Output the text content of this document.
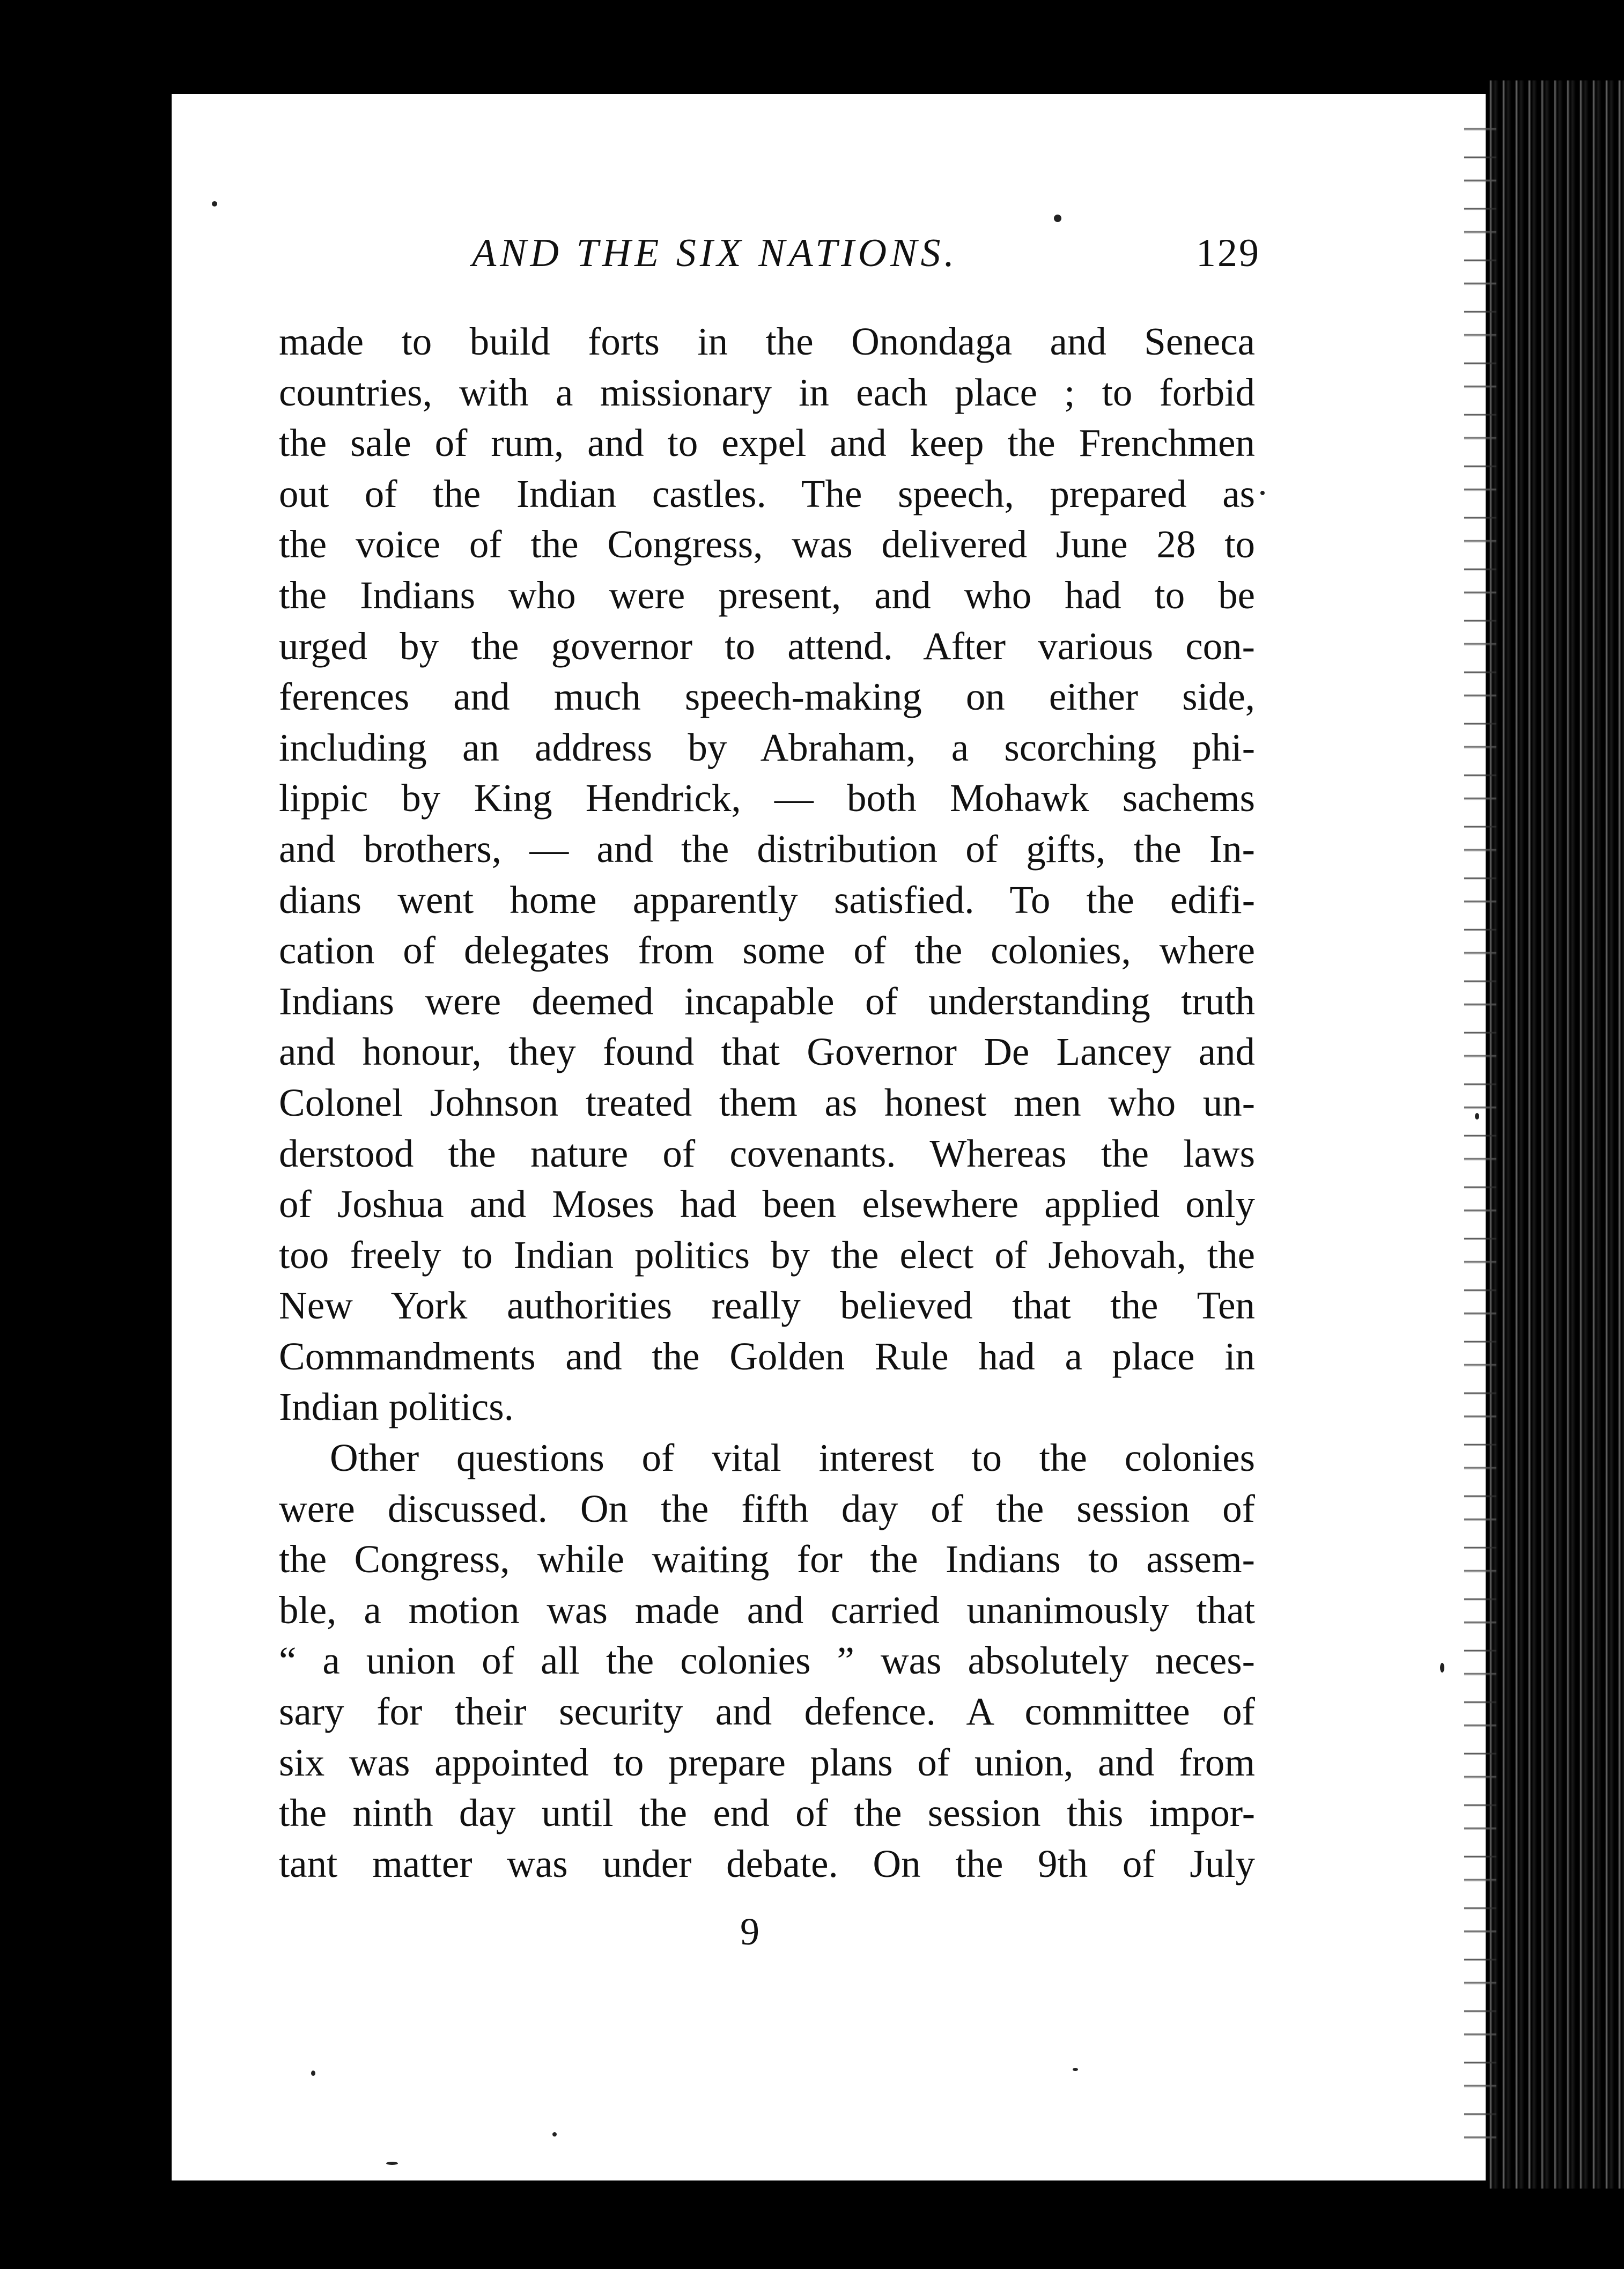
AND THE SIX NATIONS.	129
made to build forts in the Onondaga and Seneca
countries, with a missionary in each place ; to forbid
the sale of rum, and to expel and keep the Frenchmen
out of the Indian castles. The speech, prepared as
the voice of the Congress, was delivered June 28 to
the Indians who were present, and who had to be
urged by the governor to attend. After various con-
ferences and much speech-making on either side,
including an address by Abraham, a scorching phi-
lippic by King Hendrick, — both Mohawk sachems
and brothers, — and the distribution of gifts, the In-
dians went home apparently satisfied. To the edifi-
cation of delegates from some of the colonies, where
Indians were deemed incapable of understanding truth
and honour, they found that Governor De Lancey and
Colonel Johnson treated them as honest men who un-
derstood the nature of covenants. Whereas the laws
of Joshua and Moses had been elsewhere applied only
too freely to Indian politics by the elect of Jehovah, the
New York authorities really believed that the Ten
Commandments and the Golden Rule had a place in
Indian politics.
Other questions of vital interest to the colonies
were discussed. On the fifth day of the session of
the Congress, while waiting for the Indians to assem-
ble, a motion was made and carried unanimously that
“ a union of all the colonies ” was absolutely neces-
sary for their security and defence. A committee of
six was appointed to prepare plans of union, and from
the ninth day until the end of the session this impor-
tant matter was under debate. On the 9th of July
9
